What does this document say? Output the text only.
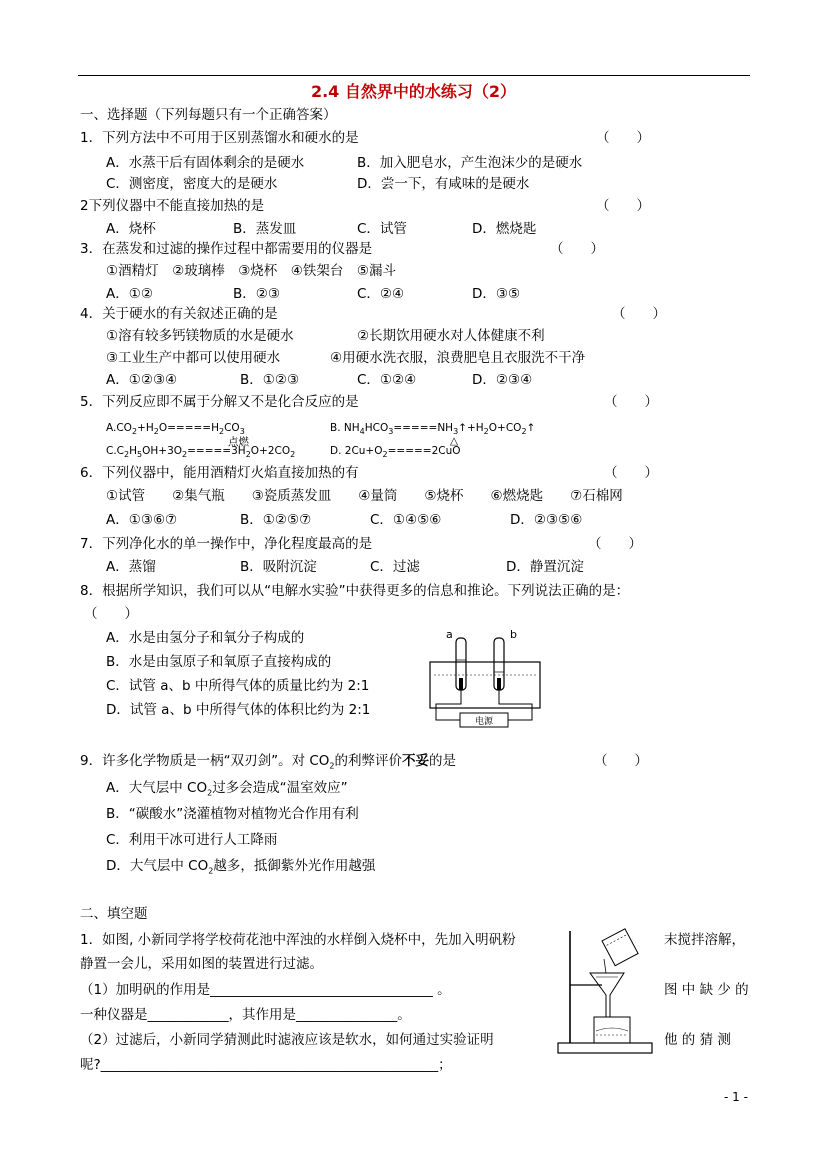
2.4 自然界中的水练习（2）
一、选择题（下列每题只有一个正确答案）
1．下列方法中不可用于区别蒸馏水和硬水的是	（　　）
A．水蒸干后有固体剩余的是硬水	B．加入肥皂水，产生泡沫少的是硬水
C．测密度，密度大的是硬水	D．尝一下，有咸味的是硬水
2下列仪器中不能直接加热的是	（　　）
A．烧杯	B．蒸发皿	C．试管	D．燃烧匙
3．在蒸发和过滤的操作过程中都需要用的仪器是	（　　）
①酒精灯　②玻璃棒　③烧杯　④铁架台　⑤漏斗
A．①②	B．②③	C．②④	D．③⑤
4．关于硬水的有关叙述正确的是	（　　）
①溶有较多钙镁物质的水是硬水	②长期饮用硬水对人体健康不利
③工业生产中都可以使用硬水	④用硬水洗衣服，浪费肥皂且衣服洗不干净
A．①②③④	B．①②③	C．①②④	D．②③④
5．下列反应即不属于分解又不是化合反应的是	（　　）
$A.CO_2+H_2O=====H_2CO_3$	B. $NH_4HCO_3=====NH_3↑+H_2O+CO_2↑$
$C.C_2H_5OH+3O_2=====3H_2O+2CO_2$
点燃
D. $2Cu+O_2=====2CuO$
△
6．下列仪器中，能用酒精灯火焰直接加热的有	（　　）
①试管　　②集气瓶　　③瓷质蒸发皿　　④量筒　　⑤烧杯　　⑥燃烧匙　　⑦石棉网
A．①③⑥⑦	B．①②⑤⑦	C．①④⑤⑥	D．②③⑤⑥
7．下列净化水的单一操作中，净化程度最高的是	（　　）
A．蒸馏	B．吸附沉淀	C．过滤	D．静置沉淀
8．根据所学知识，我们可以从“电解水实验”中获得更多的信息和推论。下列说法正确的是：
（　　）
A．水是由氢分子和氧分子构成的
B．水是由氢原子和氧原子直接构成的
C．试管 a、b 中所得气体的质量比约为 2:1
D．试管 a、b 中所得气体的体积比约为 2:1
a	b
电源
9．许多化学物质是一柄“双刃剑”。对 $CO_2$的利弊评价不妥的是	（　　）
A．大气层中 $CO_2$过多会造成“温室效应”
B．“碳酸水”浇灌植物对植物光合作用有利
C．利用干冰可进行人工降雨
D．大气层中 $CO_2$越多，抵御紫外光作用越强
二、填空题
1．如图, 小新同学将学校荷花池中浑浊的水样倒入烧杯中，先加入明矾粉	末搅拌溶解，
静置一会儿，采用如图的装置进行过滤。
（1）加明矾的作用是_________________________________ 。	图 中 缺 少 的
一种仪器是____________，其作用是_______________。
（2）过滤后，小新同学猜测此时滤液应该是软水，如何通过实验证明	他 的 猜 测
呢?__________________________________________________；
- 1 -
